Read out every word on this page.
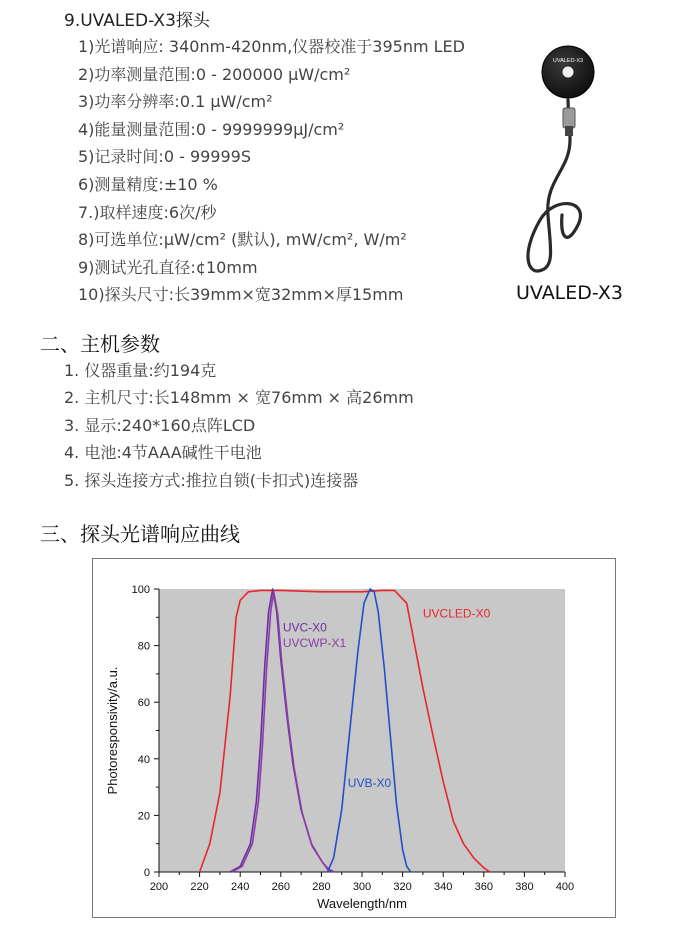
9.UVALED-X3探头
1)光谱响应: 340nm-420nm,仪器校准于395nm LED
2)功率测量范围:0 - 200000 μW/cm²
3)功率分辨率:0.1 μW/cm²
4)能量测量范围:0 - 9999999μJ/cm²
5)记录时间:0 - 99999S
6)测量精度:±10 %
7.)取样速度:6次/秒
8)可选单位:μW/cm² (默认), mW/cm², W/m²
9)测试光孔直径:¢10mm
10)探头尺寸:长39mm×宽32mm×厚15mm
UVALED-X3
UVALED-X3
二、主机参数
1. 仪器重量:约194克
2. 主机尺寸:长148mm × 宽76mm × 高26mm
3. 显示:240*160点阵LCD
4. 电池:4节AAA碱性干电池
5. 探头连接方式:推拉自锁(卡扣式)连接器
三、探头光谱响应曲线
200 220 240 260 280 300 320 340 360 380 400
0
20
40
60
80
100
Wavelength/nm
Photoresponsivity/a.u.
UVCLED-X0
UVC-X0
UVCWP-X1
UVB-X0
